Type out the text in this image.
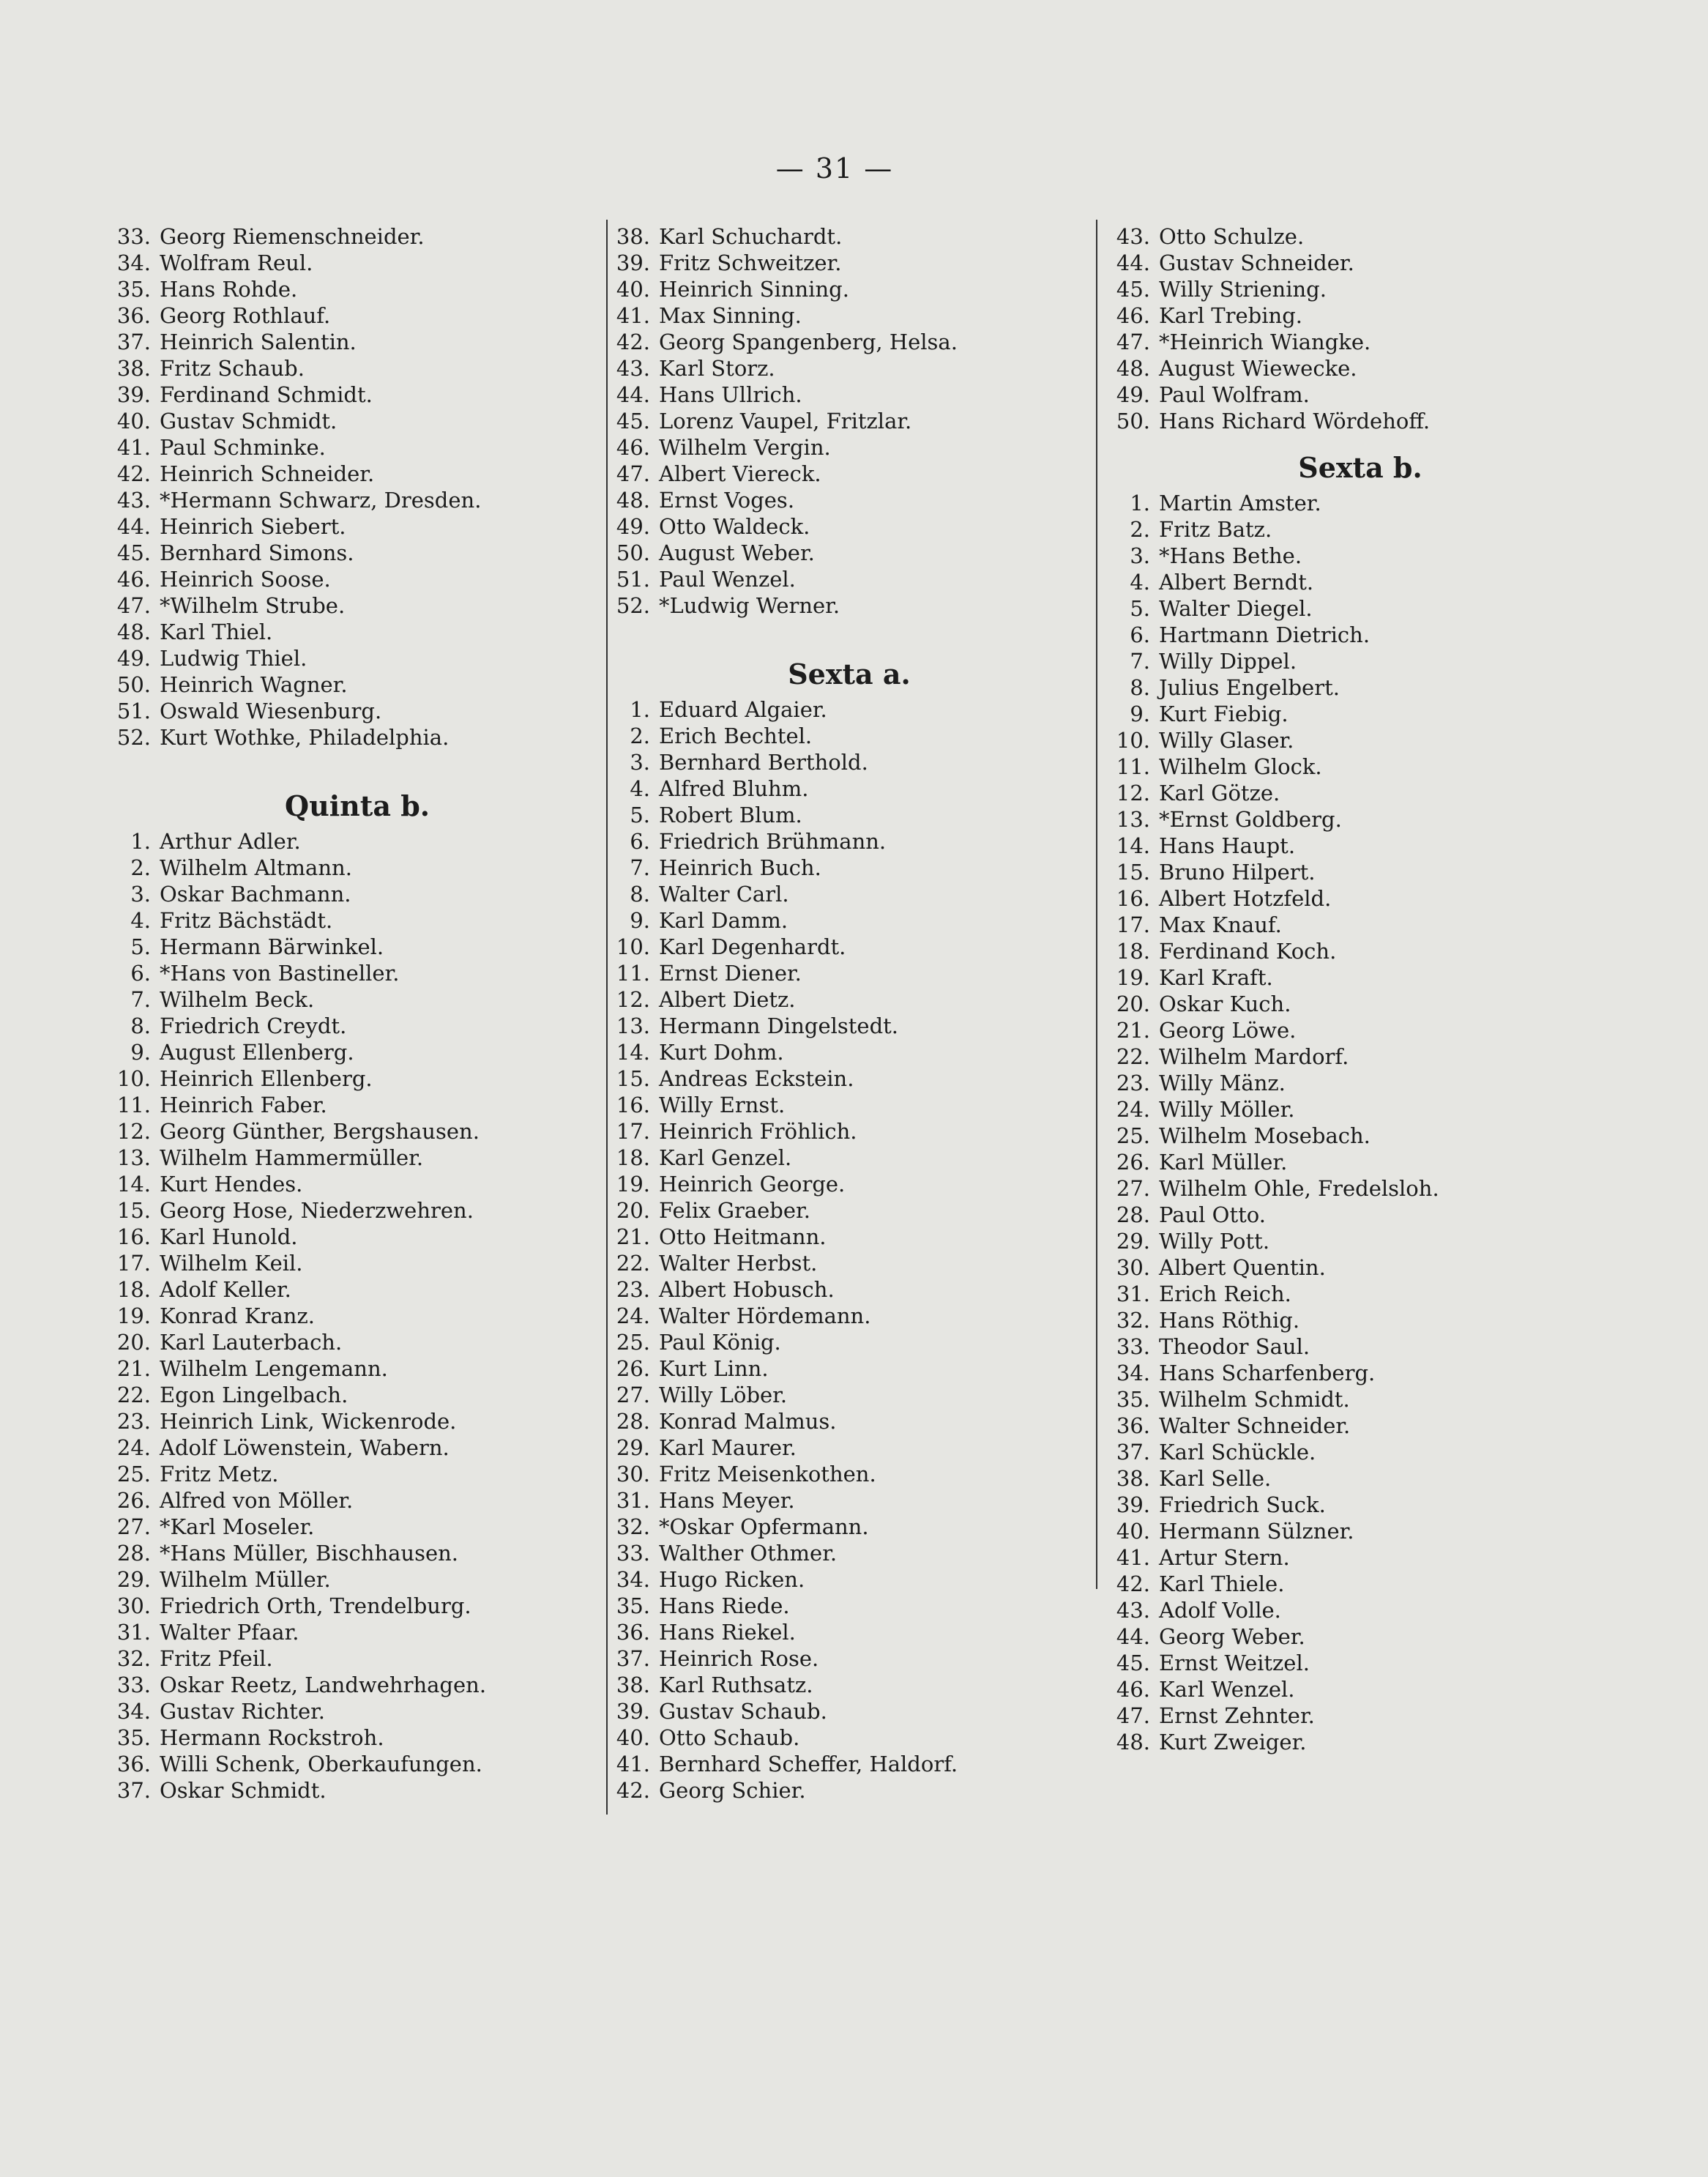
— 31 —
33. Georg Riemenschneider.
34. Wolfram Reul.
35. Hans Rohde.
36. Georg Rothlauf.
37. Heinrich Salentin.
38. Fritz Schaub.
39. Ferdinand Schmidt.
40. Gustav Schmidt.
41. Paul Schminke.
42. Heinrich Schneider.
43. *Hermann Schwarz, Dresden.
44. Heinrich Siebert.
45. Bernhard Simons.
46. Heinrich Soose.
47. *Wilhelm Strube.
48. Karl Thiel.
49. Ludwig Thiel.
50. Heinrich Wagner.
51. Oswald Wiesenburg.
52. Kurt Wothke, Philadelphia.
Quinta b.
1. Arthur Adler.
2. Wilhelm Altmann.
3. Oskar Bachmann.
4. Fritz Bächstädt.
5. Hermann Bärwinkel.
6. *Hans von Bastineller.
7. Wilhelm Beck.
8. Friedrich Creydt.
9. August Ellenberg.
10. Heinrich Ellenberg.
11. Heinrich Faber.
12. Georg Günther, Bergshausen.
13. Wilhelm Hammermüller.
14. Kurt Hendes.
15. Georg Hose, Niederzwehren.
16. Karl Hunold.
17. Wilhelm Keil.
18. Adolf Keller.
19. Konrad Kranz.
20. Karl Lauterbach.
21. Wilhelm Lengemann.
22. Egon Lingelbach.
23. Heinrich Link, Wickenrode.
24. Adolf Löwenstein, Wabern.
25. Fritz Metz.
26. Alfred von Möller.
27. *Karl Moseler.
28. *Hans Müller, Bischhausen.
29. Wilhelm Müller.
30. Friedrich Orth, Trendelburg.
31. Walter Pfaar.
32. Fritz Pfeil.
33. Oskar Reetz, Landwehrhagen.
34. Gustav Richter.
35. Hermann Rockstroh.
36. Willi Schenk, Oberkaufungen.
37. Oskar Schmidt.
38. Karl Schuchardt.
39. Fritz Schweitzer.
40. Heinrich Sinning.
41. Max Sinning.
42. Georg Spangenberg, Helsa.
43. Karl Storz.
44. Hans Ullrich.
45. Lorenz Vaupel, Fritzlar.
46. Wilhelm Vergin.
47. Albert Viereck.
48. Ernst Voges.
49. Otto Waldeck.
50. August Weber.
51. Paul Wenzel.
52. *Ludwig Werner.
Sexta a.
1. Eduard Algaier.
2. Erich Bechtel.
3. Bernhard Berthold.
4. Alfred Bluhm.
5. Robert Blum.
6. Friedrich Brühmann.
7. Heinrich Buch.
8. Walter Carl.
9. Karl Damm.
10. Karl Degenhardt.
11. Ernst Diener.
12. Albert Dietz.
13. Hermann Dingelstedt.
14. Kurt Dohm.
15. Andreas Eckstein.
16. Willy Ernst.
17. Heinrich Fröhlich.
18. Karl Genzel.
19. Heinrich George.
20. Felix Graeber.
21. Otto Heitmann.
22. Walter Herbst.
23. Albert Hobusch.
24. Walter Hördemann.
25. Paul König.
26. Kurt Linn.
27. Willy Löber.
28. Konrad Malmus.
29. Karl Maurer.
30. Fritz Meisenkothen.
31. Hans Meyer.
32. *Oskar Opfermann.
33. Walther Othmer.
34. Hugo Ricken.
35. Hans Riede.
36. Hans Riekel.
37. Heinrich Rose.
38. Karl Ruthsatz.
39. Gustav Schaub.
40. Otto Schaub.
41. Bernhard Scheffer, Haldorf.
42. Georg Schier.
43. Otto Schulze.
44. Gustav Schneider.
45. Willy Striening.
46. Karl Trebing.
47. *Heinrich Wiangke.
48. August Wiewecke.
49. Paul Wolfram.
50. Hans Richard Wördehoff.
Sexta b.
1. Martin Amster.
2. Fritz Batz.
3. *Hans Bethe.
4. Albert Berndt.
5. Walter Diegel.
6. Hartmann Dietrich.
7. Willy Dippel.
8. Julius Engelbert.
9. Kurt Fiebig.
10. Willy Glaser.
11. Wilhelm Glock.
12. Karl Götze.
13. *Ernst Goldberg.
14. Hans Haupt.
15. Bruno Hilpert.
16. Albert Hotzfeld.
17. Max Knauf.
18. Ferdinand Koch.
19. Karl Kraft.
20. Oskar Kuch.
21. Georg Löwe.
22. Wilhelm Mardorf.
23. Willy Mänz.
24. Willy Möller.
25. Wilhelm Mosebach.
26. Karl Müller.
27. Wilhelm Ohle, Fredelsloh.
28. Paul Otto.
29. Willy Pott.
30. Albert Quentin.
31. Erich Reich.
32. Hans Röthig.
33. Theodor Saul.
34. Hans Scharfenberg.
35. Wilhelm Schmidt.
36. Walter Schneider.
37. Karl Schückle.
38. Karl Selle.
39. Friedrich Suck.
40. Hermann Sülzner.
41. Artur Stern.
42. Karl Thiele.
43. Adolf Volle.
44. Georg Weber.
45. Ernst Weitzel.
46. Karl Wenzel.
47. Ernst Zehnter.
48. Kurt Zweiger.
